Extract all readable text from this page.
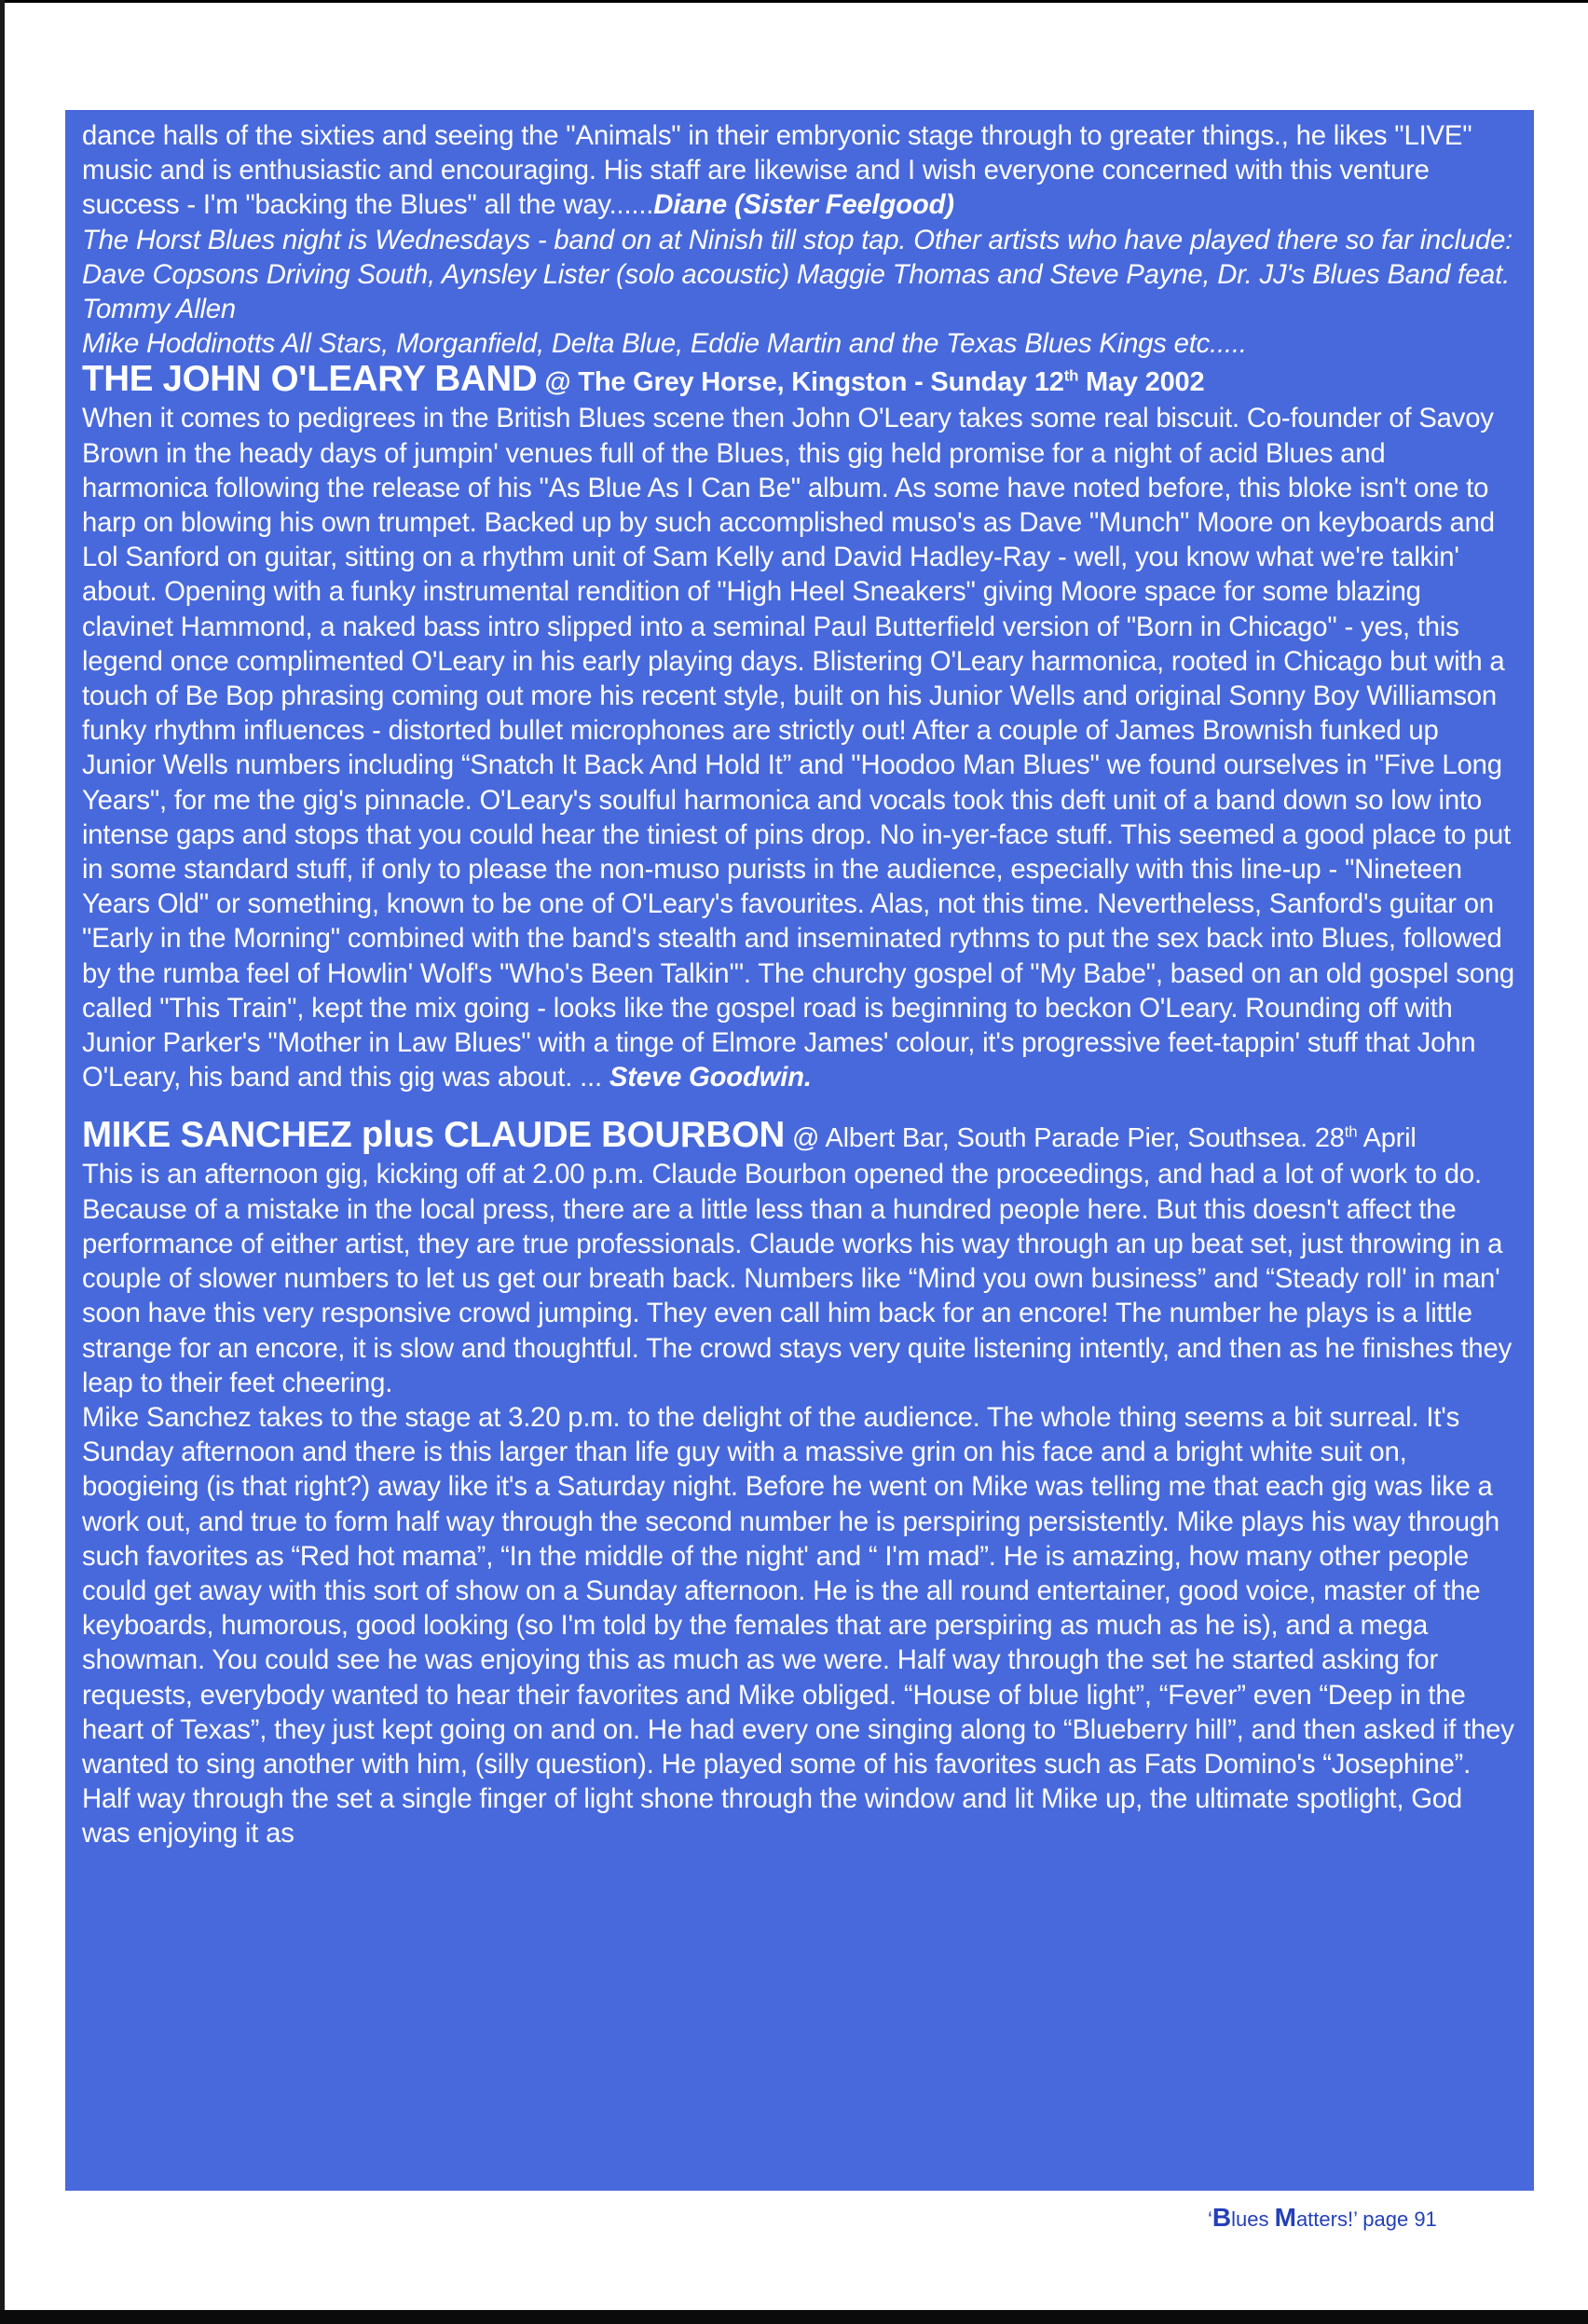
dance halls of the sixties and seeing the "Animals" in their embryonic stage through to greater things., he likes "LIVE" music and is enthusiastic and encouraging. His staff are likewise and I wish everyone concerned with this venture success - I'm "backing the Blues" all the way......Diane (Sister Feelgood)

The Horst Blues night is Wednesdays - band on at Ninish till stop tap. Other artists who have played there so far include: Dave Copsons Driving South, Aynsley Lister (solo acoustic) Maggie Thomas and Steve Payne, Dr. JJ's Blues Band feat. Tommy Allen

Mike Hoddinotts All Stars, Morganfield, Delta Blue, Eddie Martin and the Texas Blues Kings etc.....

THE JOHN O'LEARY BAND @ The Grey Horse, Kingston - Sunday 12th May 2002

When it comes to pedigrees in the British Blues scene then John O'Leary takes some real biscuit. Co-founder of Savoy Brown in the heady days of jumpin' venues full of the Blues, this gig held promise for a night of acid Blues and harmonica following the release of his "As Blue As I Can Be" album. As some have noted before, this bloke isn't one to harp on blowing his own trumpet. Backed up by such accomplished muso's as Dave "Munch" Moore on keyboards and Lol Sanford on guitar, sitting on a rhythm unit of Sam Kelly and David Hadley-Ray - well, you know what we're talkin' about. Opening with a funky instrumental rendition of "High Heel Sneakers" giving Moore space for some blazing clavinet Hammond, a naked bass intro slipped into a seminal Paul Butterfield version of "Born in Chicago" - yes, this legend once complimented O'Leary in his early playing days. Blistering O'Leary harmonica, rooted in Chicago but with a touch of Be Bop phrasing coming out more his recent style, built on his Junior Wells and original Sonny Boy Williamson funky rhythm influences - distorted bullet microphones are strictly out! After a couple of James Brownish funked up Junior Wells numbers including “Snatch It Back And Hold It” and "Hoodoo Man Blues" we found ourselves in "Five Long Years", for me the gig's pinnacle. O'Leary's soulful harmonica and vocals took this deft unit of a band down so low into intense gaps and stops that you could hear the tiniest of pins drop. No in-yer-face stuff. This seemed a good place to put in some standard stuff, if only to please the non-muso purists in the audience, especially with this line-up - "Nineteen Years Old" or something, known to be one of O'Leary's favourites. Alas, not this time. Nevertheless, Sanford's guitar on "Early in the Morning" combined with the band's stealth and inseminated rythms to put the sex back into Blues, followed by the rumba feel of Howlin' Wolf's "Who's Been Talkin'". The churchy gospel of "My Babe", based on an old gospel song called "This Train", kept the mix going - looks like the gospel road is beginning to beckon O'Leary. Rounding off with Junior Parker's "Mother in Law Blues" with a tinge of Elmore James' colour, it's progressive feet-tappin' stuff that John O'Leary, his band and this gig was about. ... Steve Goodwin.

MIKE SANCHEZ plus CLAUDE BOURBON @ Albert Bar, South Parade Pier, Southsea. 28th April

This is an afternoon gig, kicking off at 2.00 p.m. Claude Bourbon opened the proceedings, and had a lot of work to do. Because of a mistake in the local press, there are a little less than a hundred people here. But this doesn't affect the performance of either artist, they are true professionals. Claude works his way through an up beat set, just throwing in a couple of slower numbers to let us get our breath back. Numbers like “Mind you own business” and “Steady roll' in man' soon have this very responsive crowd jumping. They even call him back for an encore! The number he plays is a little strange for an encore, it is slow and thoughtful. The crowd stays very quite listening intently, and then as he finishes they leap to their feet cheering.

Mike Sanchez takes to the stage at 3.20 p.m. to the delight of the audience. The whole thing seems a bit surreal. It's Sunday afternoon and there is this larger than life guy with a massive grin on his face and a bright white suit on, boogieing (is that right?) away like it's a Saturday night. Before he went on Mike was telling me that each gig was like a work out, and true to form half way through the second number he is perspiring persistently. Mike plays his way through such favorites as “Red hot mama”, “In the middle of the night' and “ I'm mad”. He is amazing, how many other people could get away with this sort of show on a Sunday afternoon. He is the all round entertainer, good voice, master of the keyboards, humorous, good looking (so I'm told by the females that are perspiring as much as he is), and a mega showman. You could see he was enjoying this as much as we were. Half way through the set he started asking for requests, everybody wanted to hear their favorites and Mike obliged. “House of blue light”, “Fever” even “Deep in the heart of Texas”, they just kept going on and on. He had every one singing along to “Blueberry hill”, and then asked if they wanted to sing another with him, (silly question). He played some of his favorites such as Fats Domino's “Josephine”. Half way through the set a single finger of light shone through the window and lit Mike up, the ultimate spotlight, God was enjoying it as

‘Blues Matters!’ page 91
